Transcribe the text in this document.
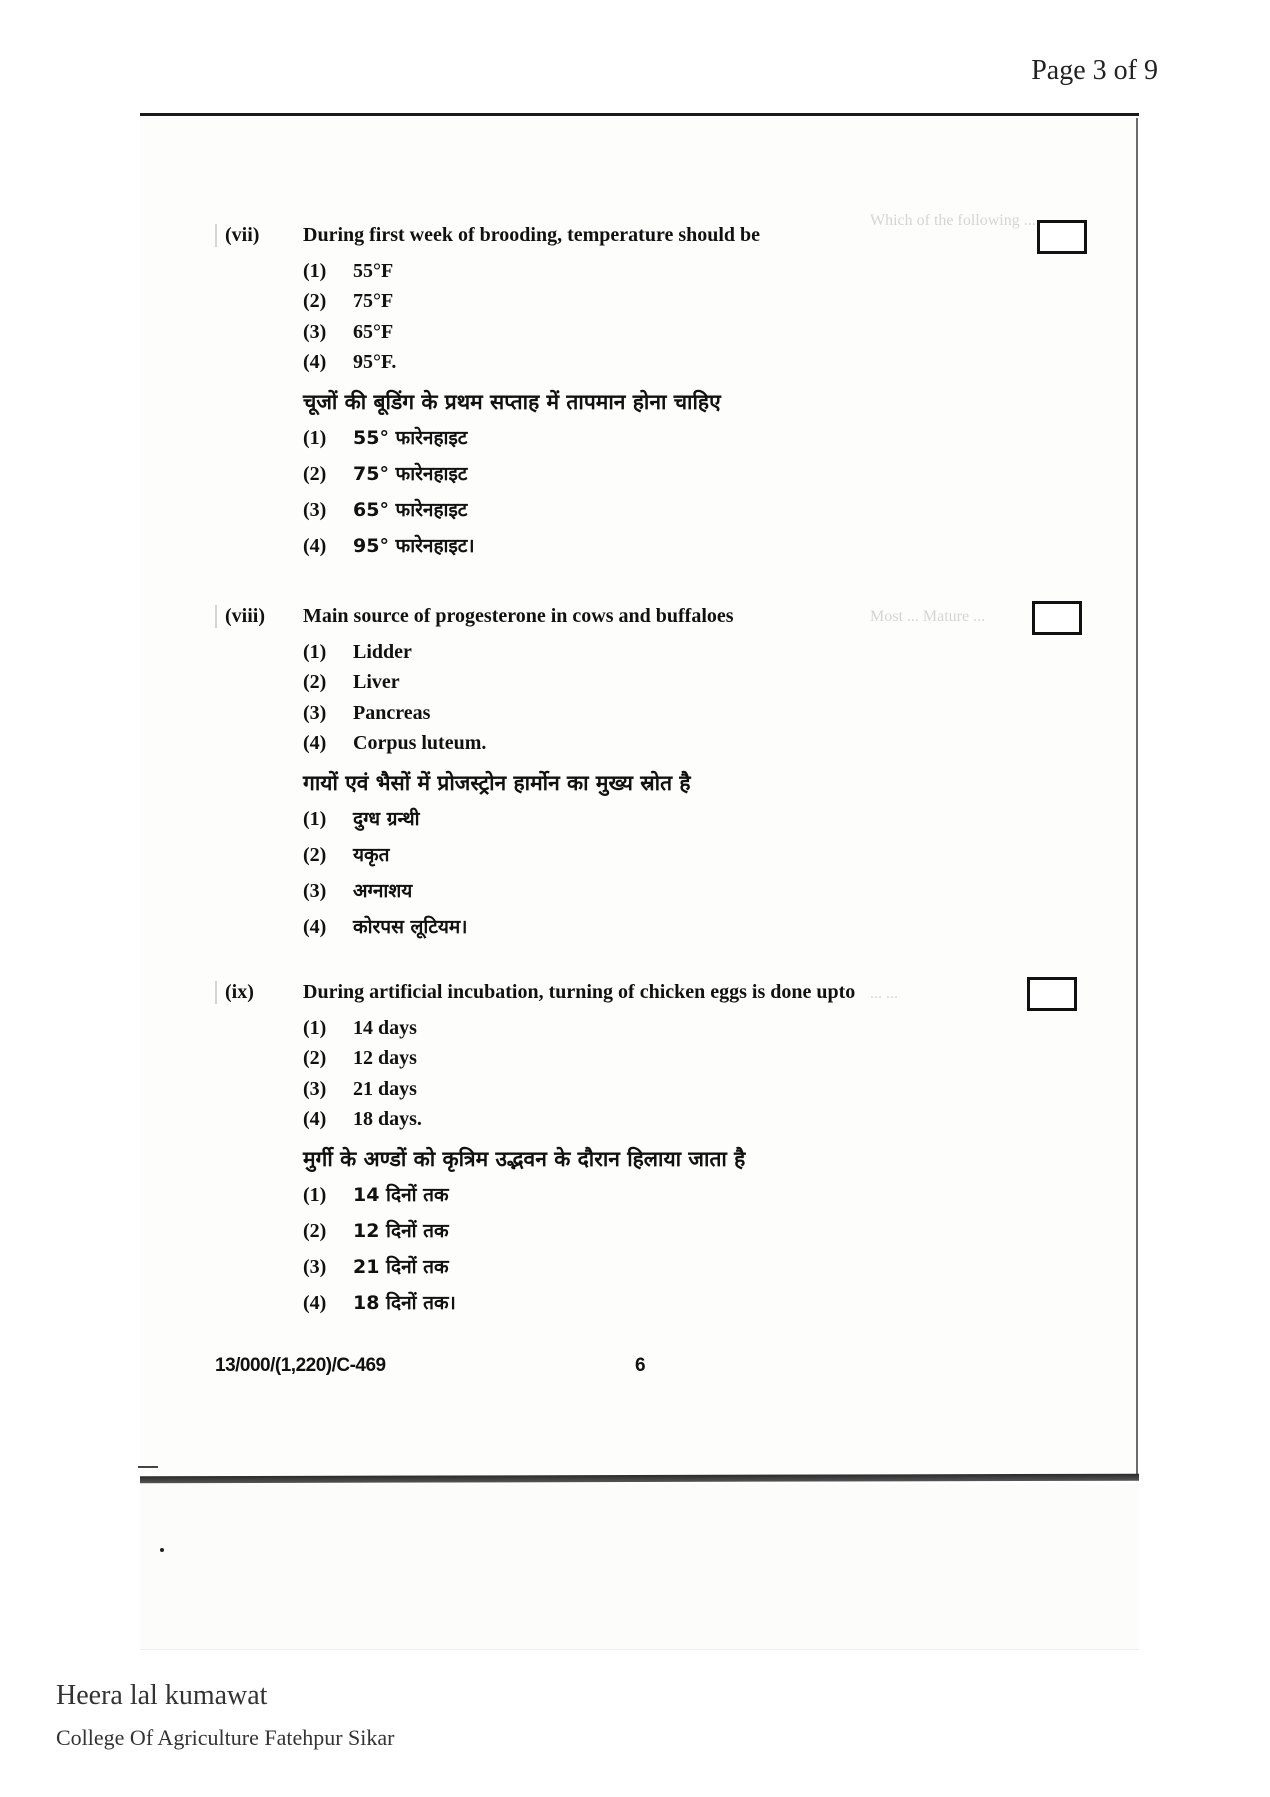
Page 3 of 9
Which of the following ...
Most ... Mature ...
... ...
(vii)	During first week of brooding, temperature should be
(1) 55°F
(2) 75°F
(3) 65°F
(4) 95°F.
चूजों की बूडिंग के प्रथम सप्ताह में तापमान होना चाहिए
(1) 55° फारेनहाइट
(2) 75° फारेनहाइट
(3) 65° फारेनहाइट
(4) 95° फारेनहाइट।
(viii)	Main source of progesterone in cows and buffaloes
(1) Lidder
(2) Liver
(3) Pancreas
(4) Corpus luteum.
गायों एवं भैसों में प्रोजस्ट्रोन हार्मोन का मुख्य स्रोत है
(1) दुग्ध ग्रन्थी
(2) यकृत
(3) अग्नाशय
(4) कोरपस लूटियम।
(ix)	During artificial incubation, turning of chicken eggs is done upto
(1) 14 days
(2) 12 days
(3) 21 days
(4) 18 days.
मुर्गी के अण्डों को कृत्रिम उद्भवन के दौरान हिलाया जाता है
(1) 14 दिनों तक
(2) 12 दिनों तक
(3) 21 दिनों तक
(4) 18 दिनों तक।
13/000/(1,220)/C-469	6
Heera lal kumawat
College Of Agriculture Fatehpur Sikar
